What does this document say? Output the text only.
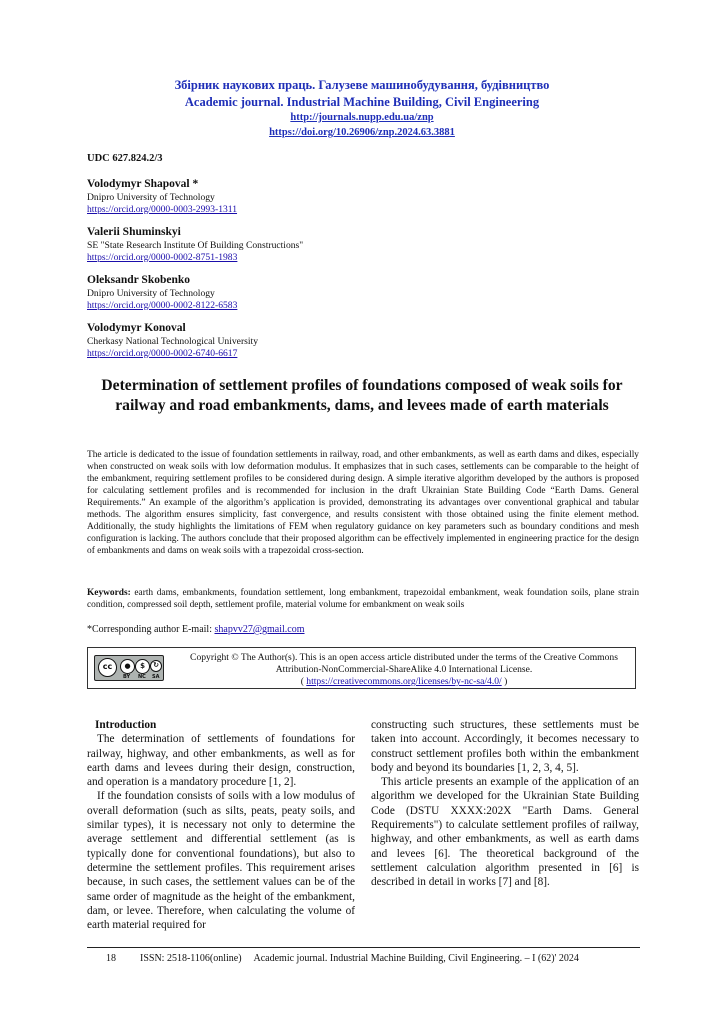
Збірник наукових праць. Галузеве машинобудування, будівництво
Academic journal. Industrial Machine Building, Civil Engineering
http://journals.nupp.edu.ua/znp
https://doi.org/10.26906/znp.2024.63.3881
UDC 627.824.2/3
Volodymyr Shapoval *
Dnipro University of Technology
https://orcid.org/0000-0003-2993-1311
Valerii Shuminskyi
SE "State Research Institute Of Building Constructions"
https://orcid.org/0000-0002-8751-1983
Oleksandr Skobenko
Dnipro University of Technology
https://orcid.org/0000-0002-8122-6583
Volodymyr Konoval
Cherkasy National Technological University
https://orcid.org/0000-0002-6740-6617
Determination of settlement profiles of foundations composed of weak soils for railway and road embankments, dams, and levees made of earth materials

The article is dedicated to the issue of foundation settlements in railway, road, and other embankments, as well as earth dams and dikes, especially when constructed on weak soils with low deformation modulus. It emphasizes that in such cases, settlements can be comparable to the height of the embankment, requiring settlement profiles to be considered during design. A simple iterative algorithm developed by the authors is proposed for calculating settlement profiles and is recommended for inclusion in the draft Ukrainian State Building Code “Earth Dams. General Requirements.” An example of the algorithm’s application is provided, demonstrating its advantages over conventional graphical and tabular methods. The algorithm ensures simplicity, fast convergence, and results consistent with those obtained using the finite element method. Additionally, the study highlights the limitations of FEM when regulatory guidance on key parameters such as boundary conditions and mesh configuration is lacking. The authors conclude that their proposed algorithm can be effectively implemented in engineering practice for the design of embankments and dams on weak soils with a trapezoidal cross-section.

Keywords: earth dams, embankments, foundation settlement, long embankment, trapezoidal embankment, weak foundation soils, plane strain condition, compressed soil depth, settlement profile, material volume for embankment on weak soils

*Corresponding author E-mail: shapvv27@gmail.com
cc	●	$	↻
BY NC SA
Copyright © The Author(s). This is an open access article distributed under the terms of the Creative Commons Attribution-NonCommercial-ShareAlike 4.0 International License.
( https://creativecommons.org/licenses/by-nc-sa/4.0/ )

Introduction

The determination of settlements of foundations for railway, highway, and other embankments, as well as for earth dams and levees during their design, construction, and operation is a mandatory procedure [1, 2].

If the foundation consists of soils with a low modulus of overall deformation (such as silts, peats, peaty soils, and similar types), it is necessary not only to determine the average settlement and differential settlement (as is typically done for conventional foundations), but also to determine the settlement profiles. This requirement arises because, in such cases, the settlement values can be of the same order of magnitude as the height of the embankment, dam, or levee. Therefore, when calculating the volume of earth material required for

constructing such structures, these settlements must be taken into account. Accordingly, it becomes necessary to construct settlement profiles both within the embankment body and beyond its boundaries [1, 2, 3, 4, 5].

This article presents an example of the application of an algorithm we developed for the Ukrainian State Building Code (DSTU XXXX:202X "Earth Dams. General Requirements") to calculate settlement profiles of railway, highway, and other embankments, as well as earth dams and levees [6]. The theoretical background of the settlement calculation algorithm presented in [6] is described in detail in works [7] and [8].

18 ISSN: 2518-1106(online)     Academic journal. Industrial Machine Building, Civil Engineering. – I (62)' 2024
